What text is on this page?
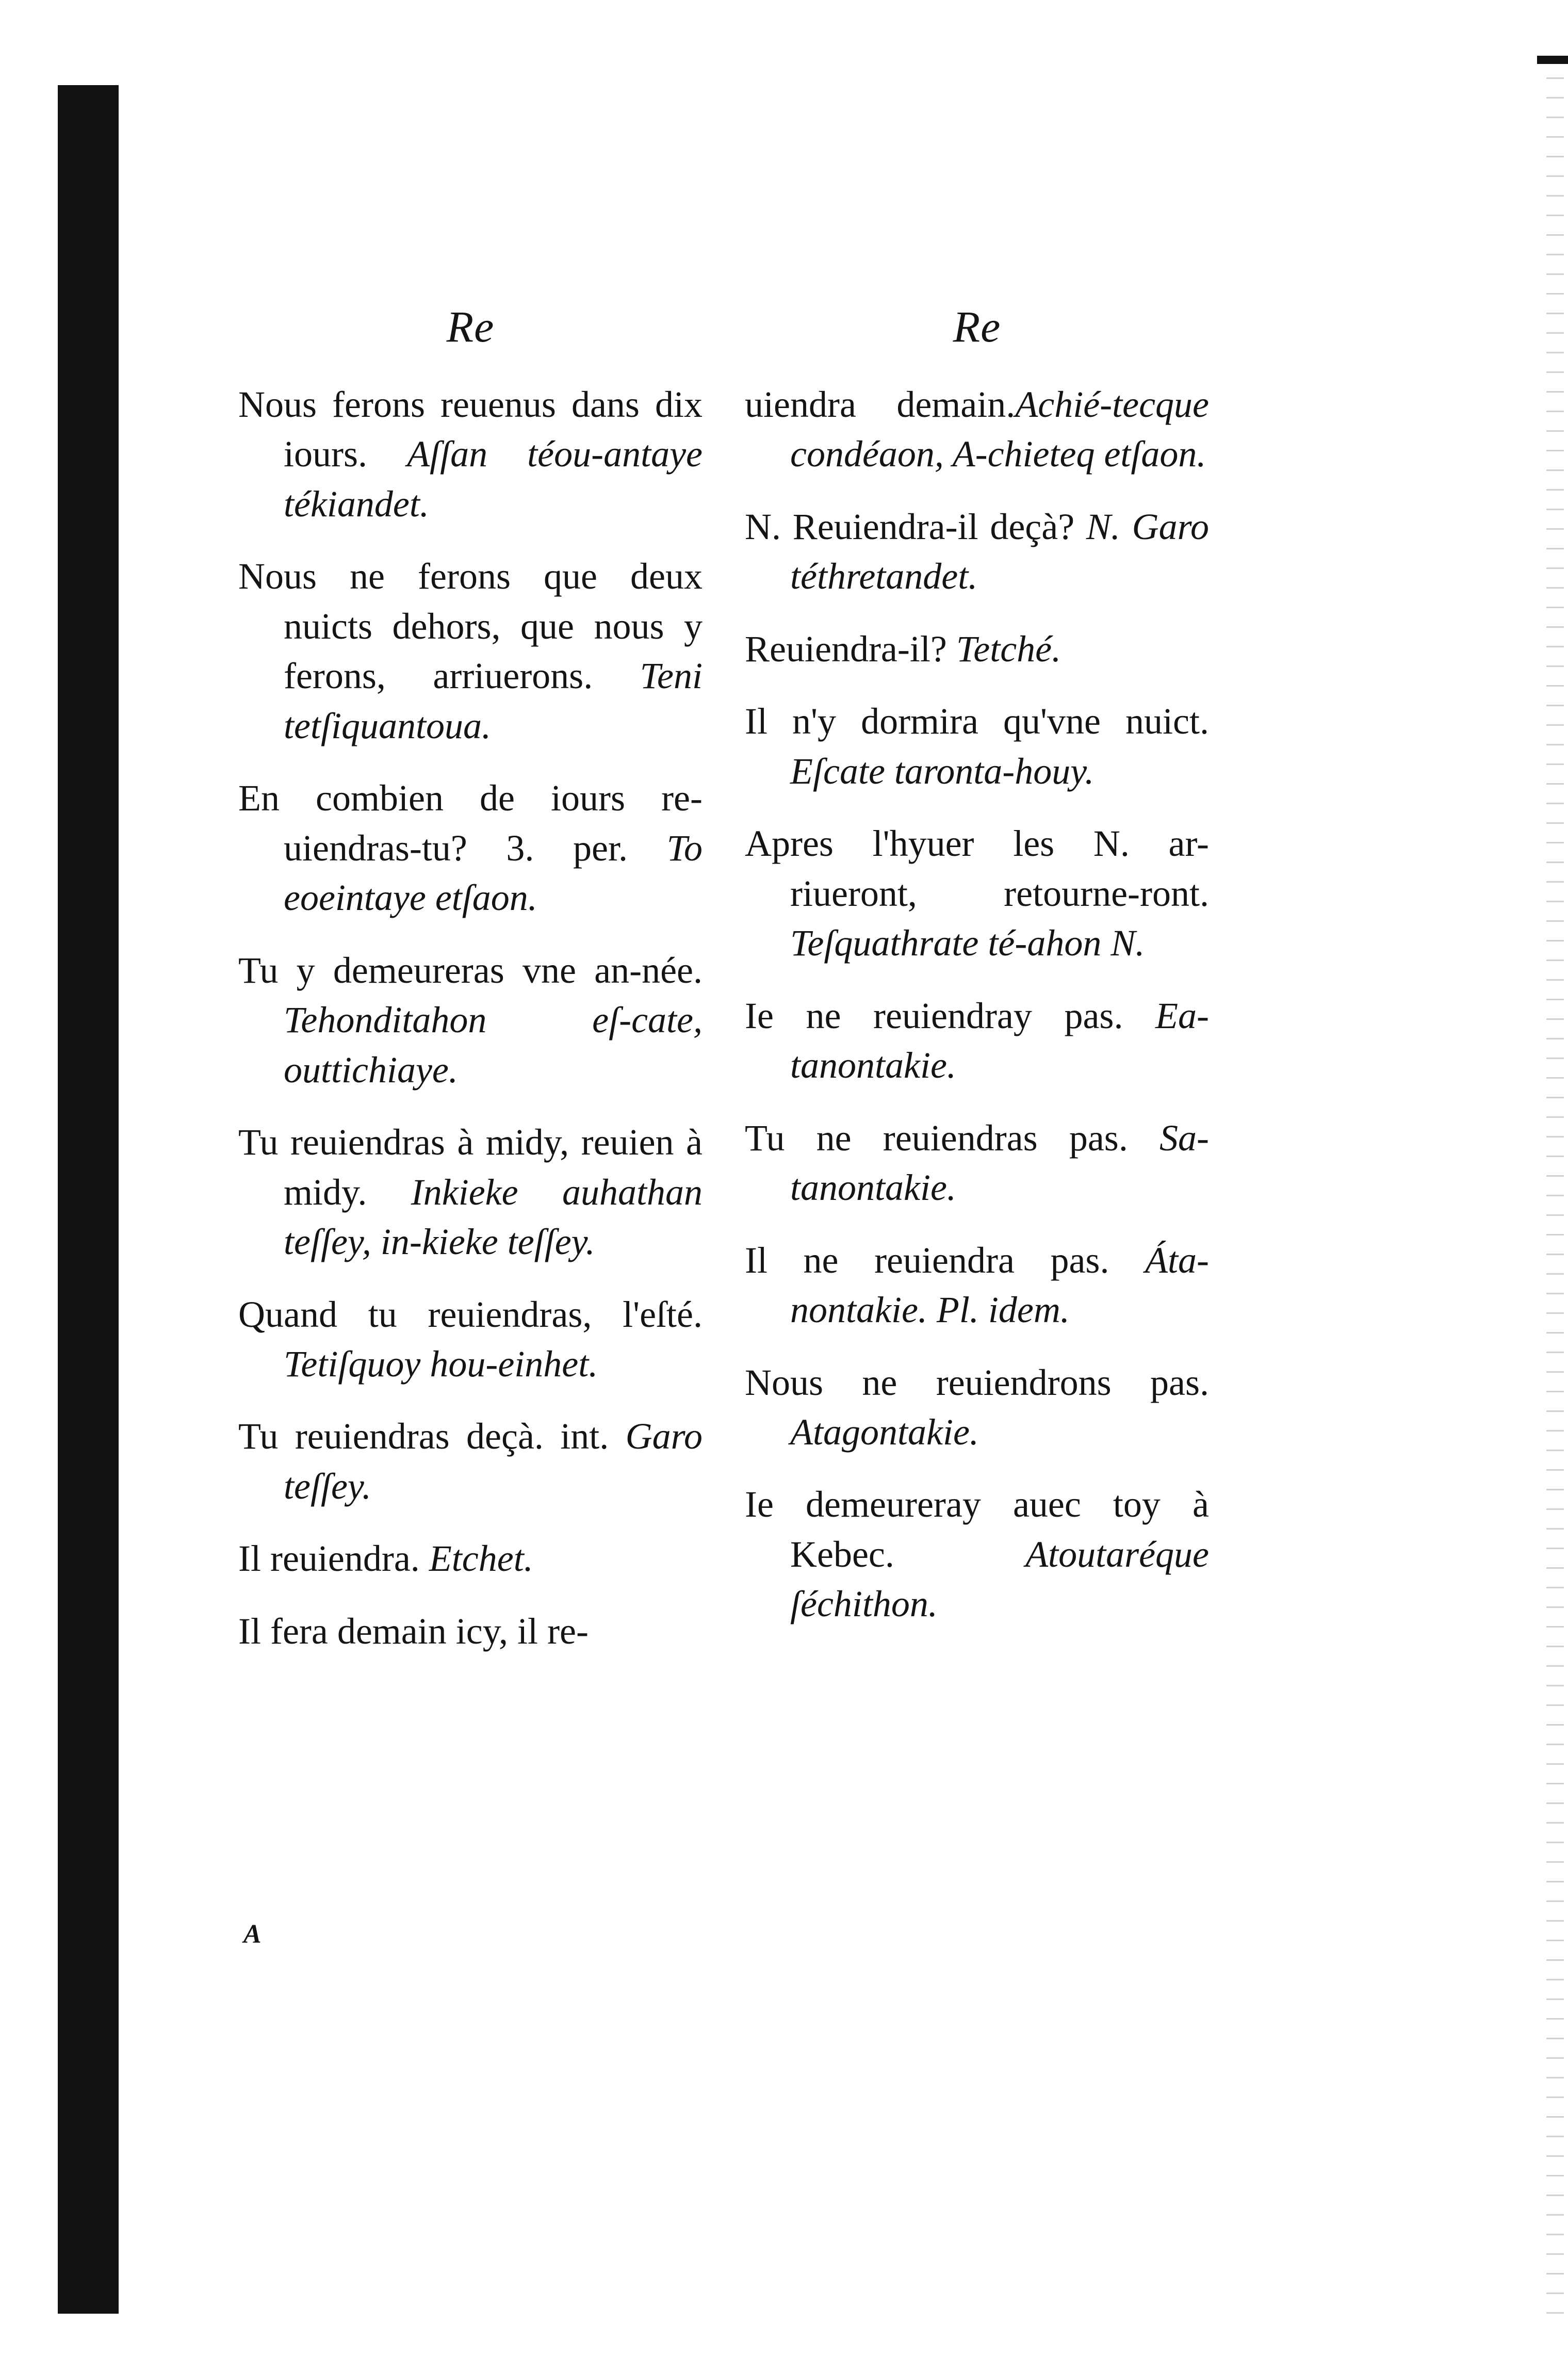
Re

Nous ferons reuenus dans dix iours. Aſſan téou-antaye tékiandet.

Nous ne ferons que deux nuicts dehors, que nous y ferons, arriuerons. Teni tetſiquantoua.

En combien de iours re-uiendras-tu? 3. per. To eoeintaye etſaon.

Tu y demeureras vne an-née. Tehonditahon eſ-cate, outtichiaye.

Tu reuiendras à midy, reuien à midy. Inkieke auhathan teſſey, in-kieke teſſey.

Quand tu reuiendras, l'eſté. Tetiſquoy hou-einhet.

Tu reuiendras deçà. int. Garo teſſey.

Il reuiendra. Etchet.

Il fera demain icy, il re-

Re

uiendra demain.Achié-tecque condéaon, A-chieteq etſaon.

N. Reuiendra-il deçà? N. Garo téthretandet.

Reuiendra-il? Tetché.

Il n'y dormira qu'vne nuict. Eſcate taronta-houy.

Apres l'hyuer les N. ar-riueront, retourne-ront. Teſquathrate té-ahon N.

Ie ne reuiendray pas. Ea-tanontakie.

Tu ne reuiendras pas. Sa-tanontakie.

Il ne reuiendra pas. Áta-nontakie. Pl. idem.

Nous ne reuiendrons pas. Atagontakie.

Ie demeureray auec toy à Kebec. Atoutaréque ſéchithon.

A
